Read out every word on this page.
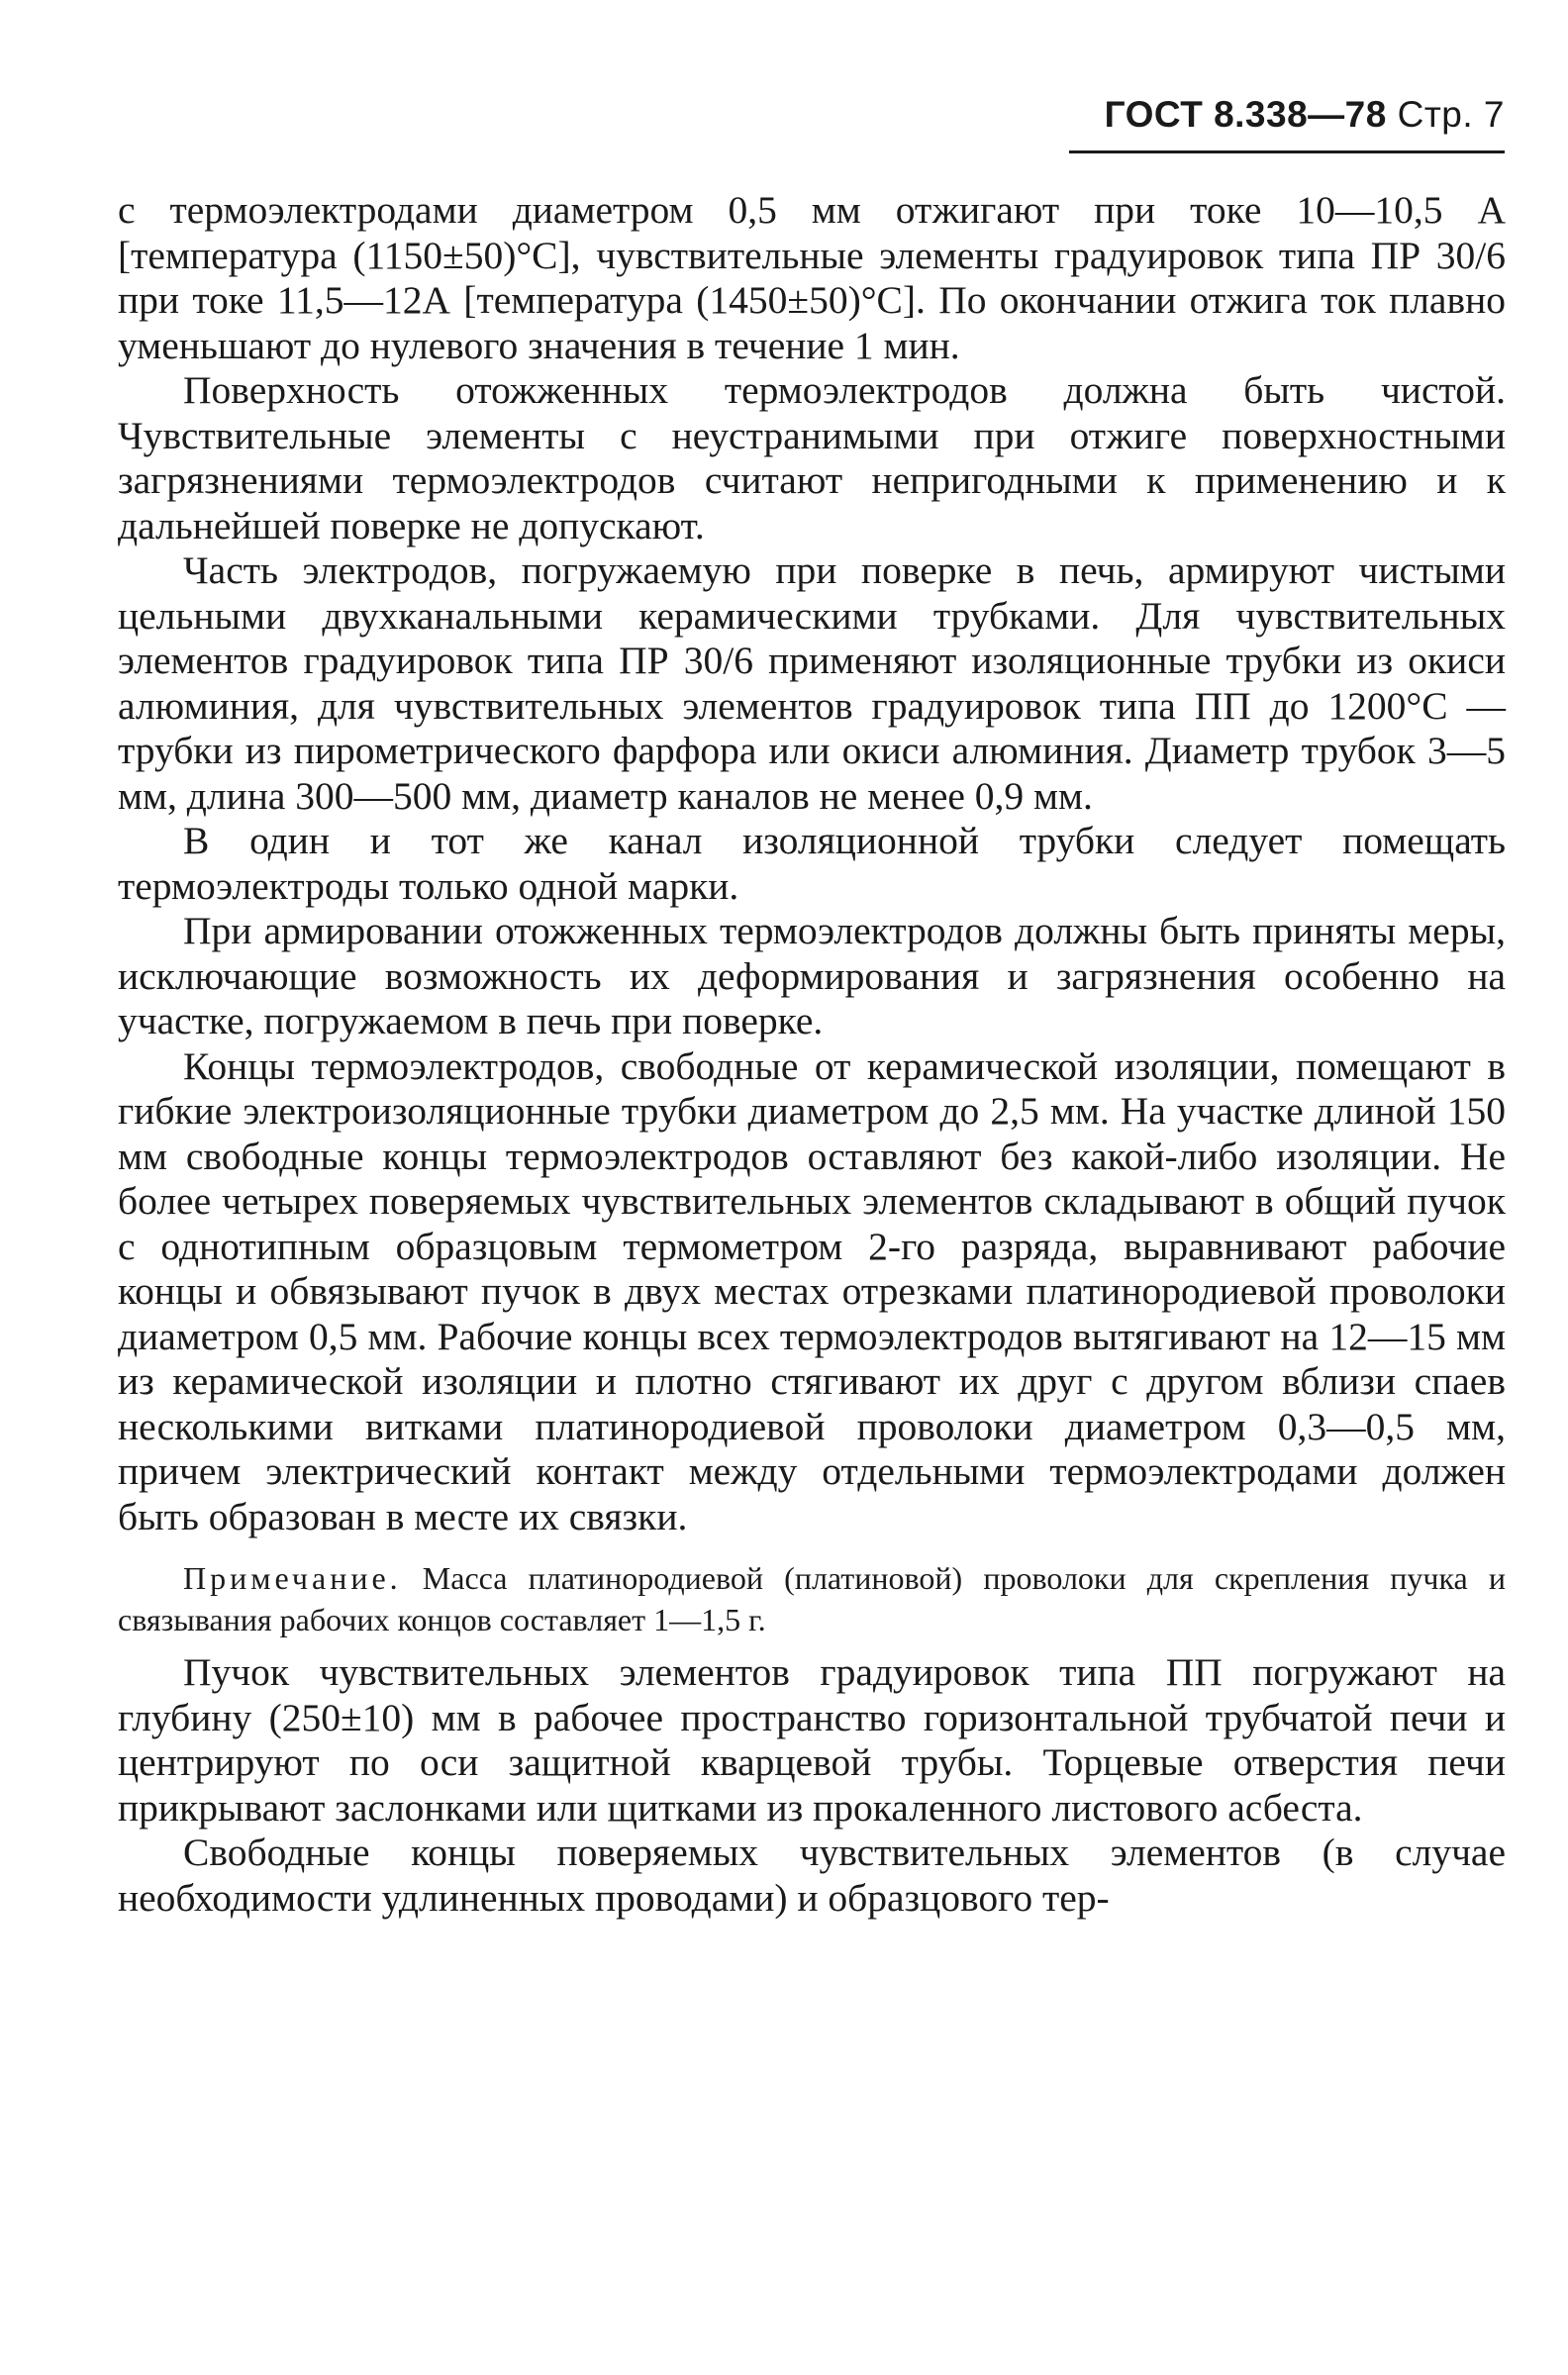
ГОСТ 8.338—78 Стр. 7

с термоэлектродами диаметром 0,5 мм отжигают при токе 10—10,5 А [температура (1150±50)°С], чувствительные элементы градуировок типа ПР 30/6 при токе 11,5—12А [температура (1450±50)°С]. По окончании отжига ток плавно уменьшают до нулевого значения в течение 1 мин.

Поверхность отожженных термоэлектродов должна быть чистой. Чувствительные элементы с неустранимыми при отжиге поверхностными загрязнениями термоэлектродов считают непригодными к применению и к дальнейшей поверке не допускают.

Часть электродов, погружаемую при поверке в печь, армируют чистыми цельными двухканальными керамическими трубками. Для чувствительных элементов градуировок типа ПР 30/6 применяют изоляционные трубки из окиси алюминия, для чувствительных элементов градуировок типа ПП до 1200°С — трубки из пирометрического фарфора или окиси алюминия. Диаметр трубок 3—5 мм, длина 300—500 мм, диаметр каналов не менее 0,9 мм.

В один и тот же канал изоляционной трубки следует помещать термоэлектроды только одной марки.

При армировании отожженных термоэлектродов должны быть приняты меры, исключающие возможность их деформирования и загрязнения особенно на участке, погружаемом в печь при поверке.

Концы термоэлектродов, свободные от керамической изоляции, помещают в гибкие электроизоляционные трубки диаметром до 2,5 мм. На участке длиной 150 мм свободные концы термоэлектродов оставляют без какой-либо изоляции. Не более четырех поверяемых чувствительных элементов складывают в общий пучок с однотипным образцовым термометром 2-го разряда, выравнивают рабочие концы и обвязывают пучок в двух местах отрезками платинородиевой проволоки диаметром 0,5 мм. Рабочие концы всех термоэлектродов вытягивают на 12—15 мм из керамической изоляции и плотно стягивают их друг с другом вблизи спаев несколькими витками платинородиевой проволоки диаметром 0,3—0,5 мм, причем электрический контакт между отдельными термоэлектродами должен быть образован в месте их связки.

Примечание. Масса платинородиевой (платиновой) проволоки для скрепления пучка и связывания рабочих концов составляет 1—1,5 г.

Пучок чувствительных элементов градуировок типа ПП погружают на глубину (250±10) мм в рабочее пространство горизонтальной трубчатой печи и центрируют по оси защитной кварцевой трубы. Торцевые отверстия печи прикрывают заслонками или щитками из прокаленного листового асбеста.

Свободные концы поверяемых чувствительных элементов (в случае необходимости удлиненных проводами) и образцового тер-
